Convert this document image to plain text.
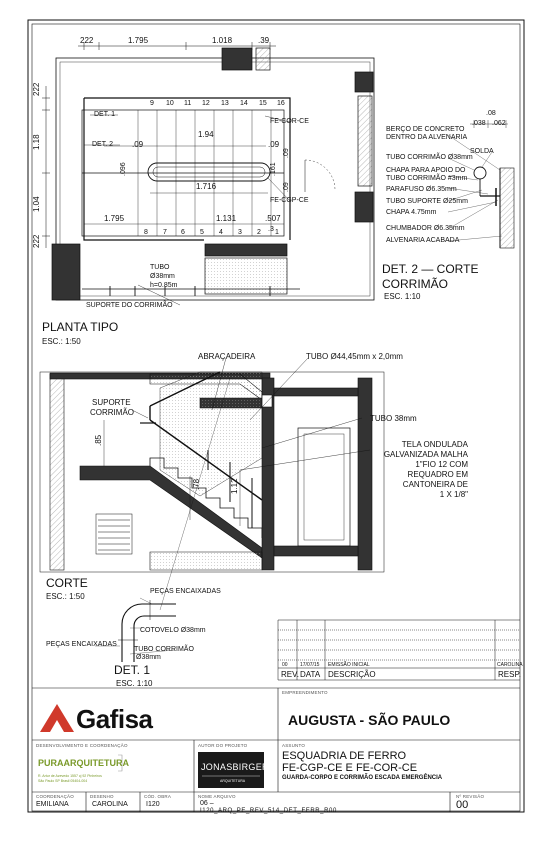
222	1.795	1.018	.39
9 10 11 12 13 14 15 16
8 7 6 5 4 3 2 1
222
1.18
1.04
222
DET. 1
DET. 2
1.94
.09	.09
.096	.161
.09
.09
1.716
1.795	1.131	.507
.3
FE-COR-CE
FE-CGP-CE
TUBO
Ø38mm
h=0.85m
SUPORTE DO CORRIMÃO
PLANTA TIPO
ESC.: 1:50
.08
.038 .062
SOLDA
BERÇO DE CONCRETO
DENTRO DA ALVENARIA
TUBO CORRIMÃO Ø38mm
CHAPA PARA APOIO DO
TUBO CORRIMÃO #3mm
PARAFUSO Ø6.35mm
TUBO SUPORTE Ø25mm
CHAPA 4.75mm
CHUMBADOR Ø6.35mm
ALVENARIA ACABADA
DET. 2 — CORTE CORRIMÃO
ESC. 1:10
ABRAÇADEIRA	TUBO Ø44,45mm x 2,0mm
SUPORTE
CORRIMÃO
TUBO 38mm
TELA ONDULADA
GALVANIZADA MALHA
1"FIO 12 COM
REQUADRO EM
CANTONEIRA DE
1 X 1/8"
.85
.78	1.12
CORTE
ESC.: 1:50
PEÇAS ENCAIXADAS
PEÇAS ENCAIXADAS
COTOVELO Ø38mm
TUBO CORRIMÃO
Ø38mm
DET. 1
ESC. 1:10
00 17/07/15 EMISSÃO INICIAL	CAROLINA
REV. DATA DESCRIÇÃO	RESP.
EMPREENDIMENTO
AUGUSTA - SÃO PAULO
Gafisa
DESENVOLVIMENTO E COORDENAÇÃO
PURAARQUITETURA
R. Artur de Azevedo 1557 cj 92 Pinheiros
São Paulo SP Brasil 05404-004
AUTOR DO PROJETO
JONASBIRGER
ARQUITETURA
ASSUNTO
ESQUADRIA DE FERRO
FE-CGP-CE E FE-COR-CE
GUARDA-CORPO E CORRIMÃO ESCADA EMERGÊNCIA
COORDENAÇÃO
EMILIANA
DESENHO
CAROLINA
CÓD. OBRA
I120
NOME ARQUIVO
06 –
I120_ARQ_PE_REV_514_DET_FERR_R00
Nº REVISÃO
00
